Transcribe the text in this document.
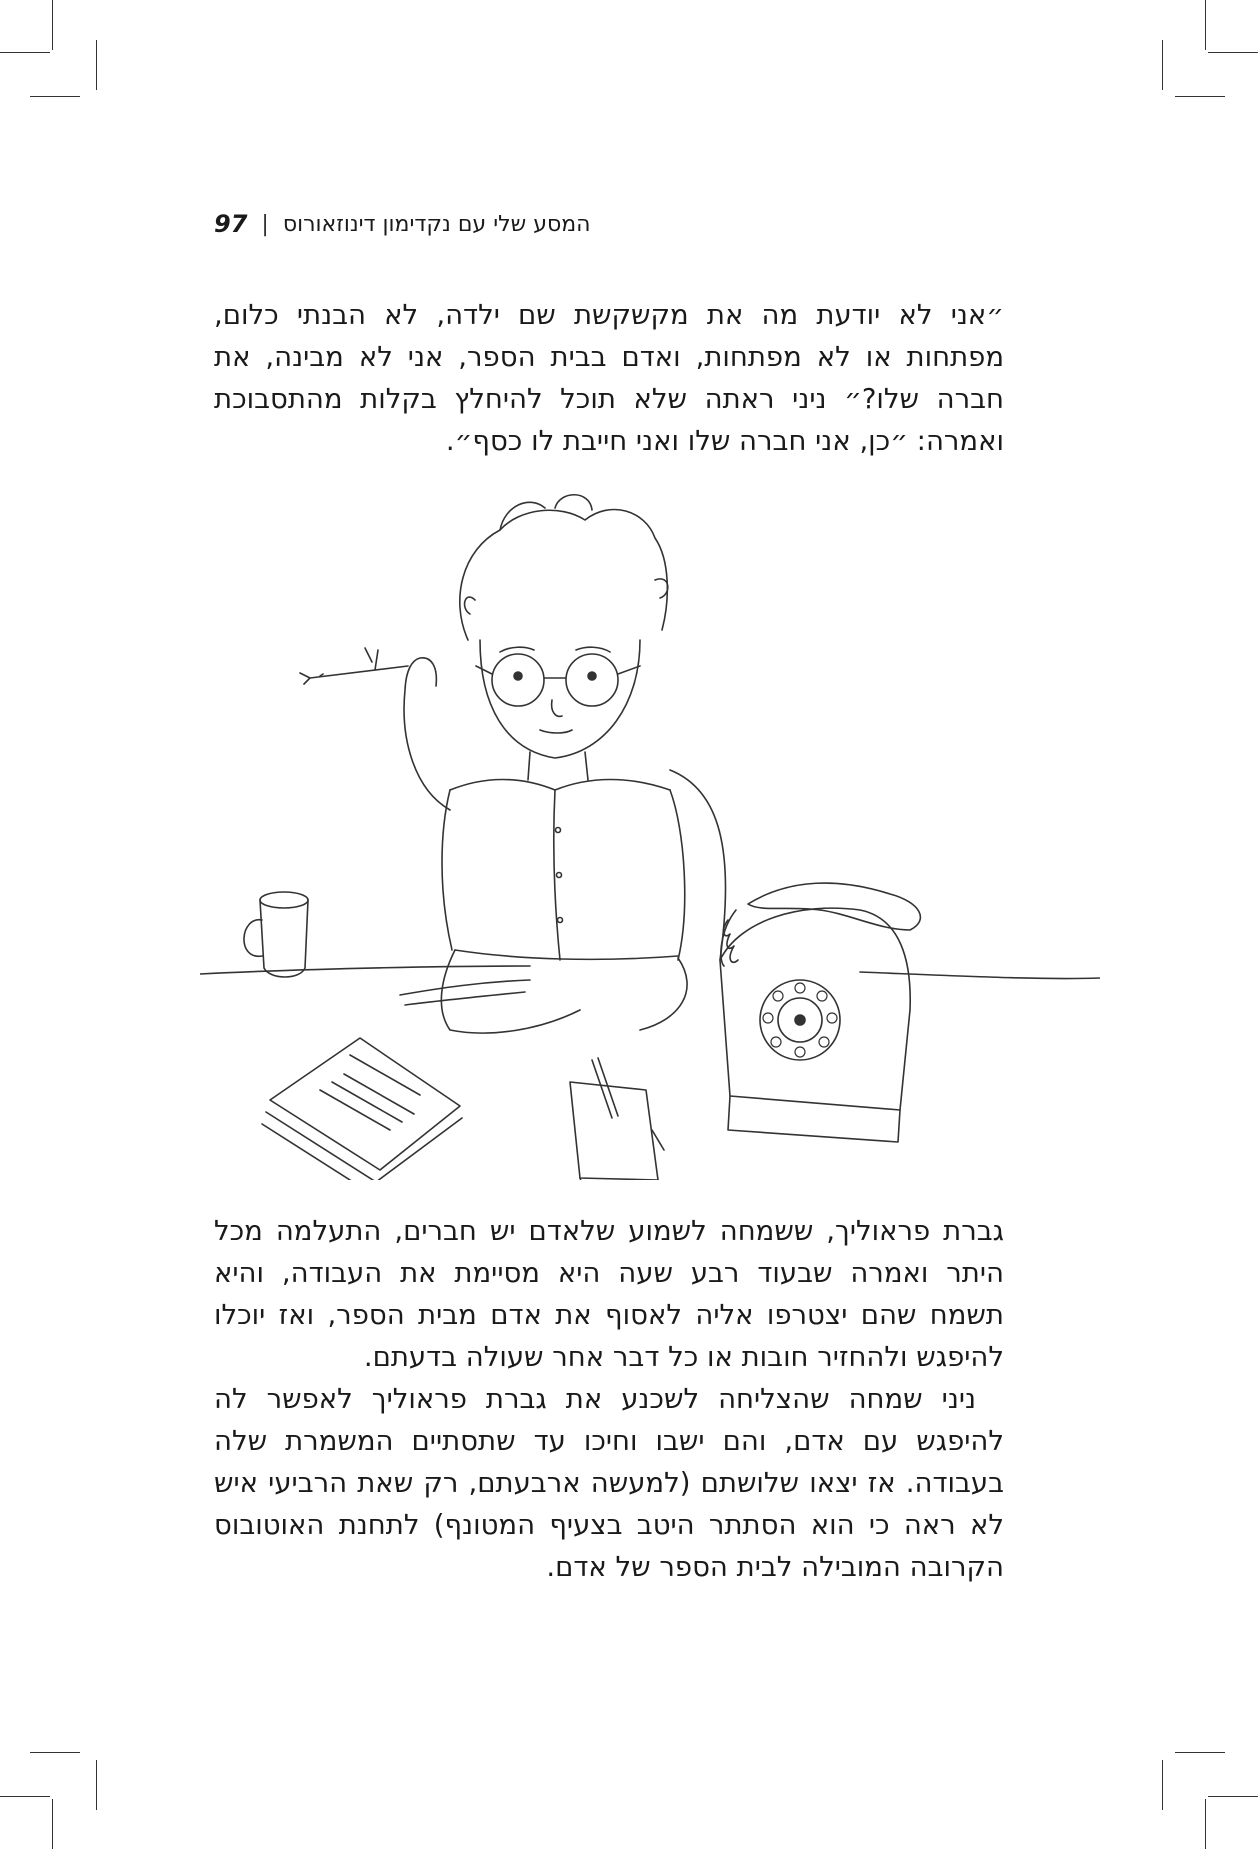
97 | המסע שלי עם נקדימון דינוזאורוס

״אני לא יודעת מה את מקשקשת שם ילדה, לא הבנתי כלום, מפתחות או לא מפתחות, ואדם בבית הספר, אני לא מבינה, את חברה שלו?״ ניני ראתה שלא תוכל להיחלץ בקלות מהתסבוכת ואמרה: ״כן, אני חברה שלו ואני חייבת לו כסף״.

גברת פראוליך, ששמחה לשמוע שלאדם יש חברים, התעלמה מכל היתר ואמרה שבעוד רבע שעה היא מסיימת את העבודה, והיא תשמח שהם יצטרפו אליה לאסוף את אדם מבית הספר, ואז יוכלו להיפגש ולהחזיר חובות או כל דבר אחר שעולה בדעתם.

ניני שמחה שהצליחה לשכנע את גברת פראוליך לאפשר לה להיפגש עם אדם, והם ישבו וחיכו עד שתסתיים המשמרת שלה בעבודה. אז יצאו שלושתם (למעשה ארבעתם, רק שאת הרביעי איש לא ראה כי הוא הסתתר היטב בצעיף המטונף) לתחנת האוטובוס הקרובה המובילה לבית הספר של אדם.
